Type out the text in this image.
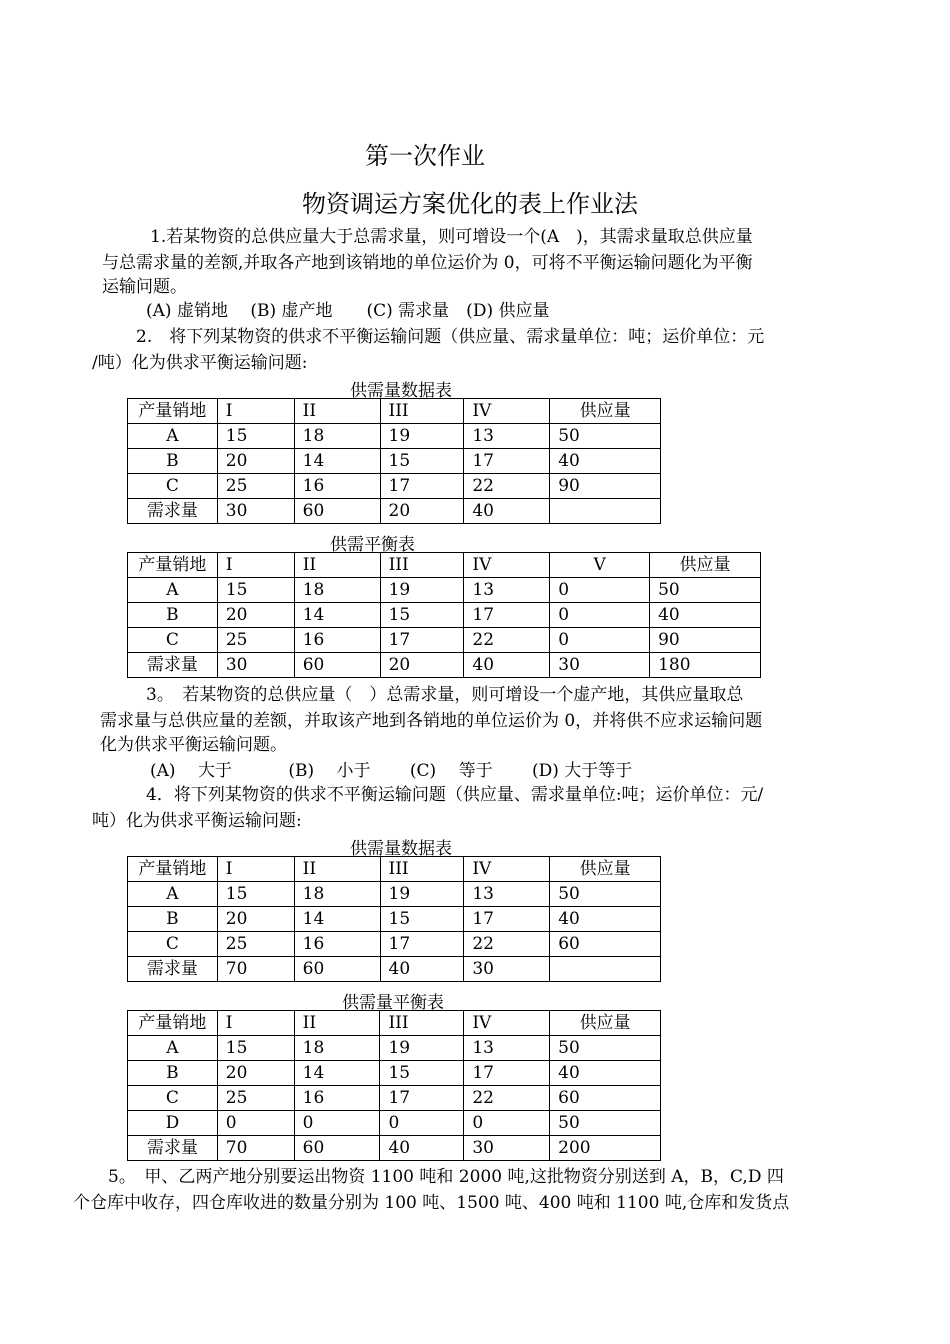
第一次作业
物资调运方案优化的表上作业法
1.若某物资的总供应量大于总需求量，则可增设一个(A　)，其需求量取总供应量
与总需求量的差额,并取各产地到该销地的单位运价为 0，可将不平衡运输问题化为平衡
运输问题。
(A) 虚销地　 (B) 虚产地　　(C) 需求量　(D) 供应量
2.　将下列某物资的供求不平衡运输问题（供应量、需求量单位：吨；运价单位：元
/吨）化为供求平衡运输问题:
供需量数据表
产量销地	I	II	III	IV	供应量
A	15	18	19	13	50
B	20	14	15	17	40
C	25	16	17	22	90
需求量	30	60	20	40	
供需平衡表
产量销地	I	II	III	IV	V	供应量
A	15	18	19	13	0	50
B	20	14	15	17	0	40
C	25	16	17	22	0	90
需求量	30	60	20	40	30	180
3。　若某物资的总供应量（　）总需求量，则可增设一个虚产地，其供应量取总
需求量与总供应量的差额，并取该产地到各销地的单位运价为 0，并将供不应求运输问题
化为供求平衡运输问题。
(A)　 大于　　　 (B)　 小于　　 (C)　 等于　　 (D) 大于等于
4．将下列某物资的供求不平衡运输问题（供应量、需求量单位:吨；运价单位：元/
吨）化为供求平衡运输问题:
供需量数据表
产量销地	I	II	III	IV	供应量
A	15	18	19	13	50
B	20	14	15	17	40
C	25	16	17	22	60
需求量	70	60	40	30	
供需量平衡表
产量销地	I	II	III	IV	供应量
A	15	18	19	13	50
B	20	14	15	17	40
C	25	16	17	22	60
D	0	0	0	0	50
需求量	70	60	40	30	200
5。　甲、乙两产地分别要运出物资 1100 吨和 2000 吨,这批物资分别送到 A，B，C,D 四
个仓库中收存，四仓库收进的数量分别为 100 吨、1500 吨、400 吨和 1100 吨,仓库和发货点
